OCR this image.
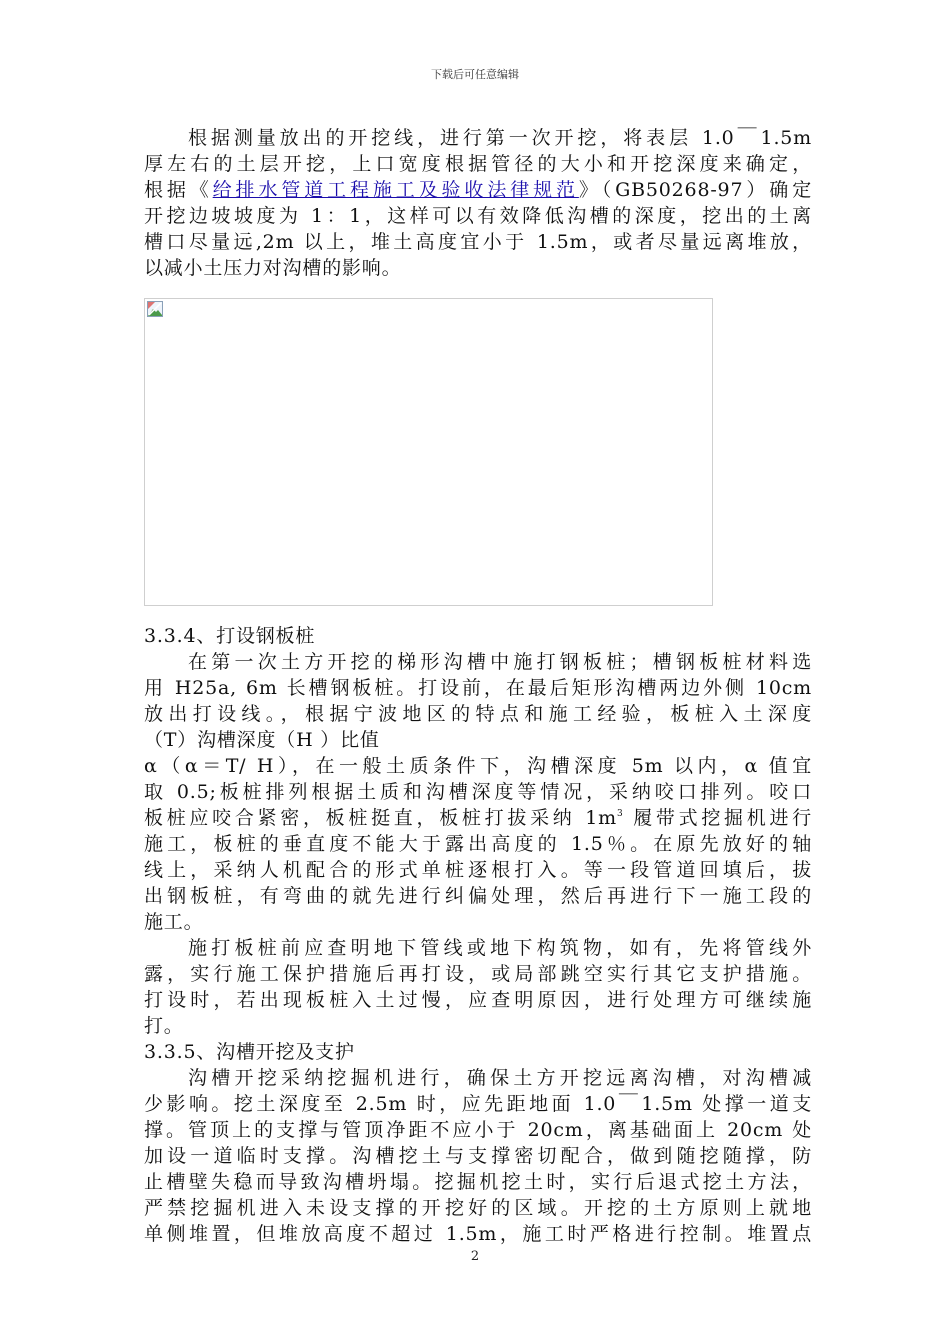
下载后可任意编辑
根据测量放出的开挖线，进行第一次开挖，将表层 1.0￣1.5m
厚左右的土层开挖，上口宽度根据管径的大小和开挖深度来确定，
根据《给排水管道工程施工及验收法律规范》（GB50268-97）确定
开挖边坡坡度为 1：1，这样可以有效降低沟槽的深度，挖出的土离
槽口尽量远,2m 以上，堆土高度宜小于 1.5m，或者尽量远离堆放，
以减小土压力对沟槽的影响。
3.3.4、打设钢板桩
在第一次土方开挖的梯形沟槽中施打钢板桩；槽钢板桩材料选
用 H25a, 6m 长槽钢板桩。打设前，在最后矩形沟槽两边外侧 10cm
放出打设线。，根据宁波地区的特点和施工经验，板桩入土深度
（T）沟槽深度（H ）比值
α（α＝T/ H），在一般土质条件下，沟槽深度 5m 以内，α 值宜
取 0.5;板桩排列根据土质和沟槽深度等情况，采纳咬口排列。咬口
板桩应咬合紧密，板桩挺直，板桩打拔采纳 $1m^3$ 履带式挖掘机进行
施工，板桩的垂直度不能大于露出高度的 1.5％。在原先放好的轴
线上，采纳人机配合的形式单桩逐根打入。等一段管道回填后，拔
出钢板桩，有弯曲的就先进行纠偏处理，然后再进行下一施工段的
施工。
施打板桩前应查明地下管线或地下构筑物，如有，先将管线外
露，实行施工保护措施后再打设，或局部跳空实行其它支护措施。
打设时，若出现板桩入土过慢，应查明原因，进行处理方可继续施
打。
3.3.5、沟槽开挖及支护
沟槽开挖采纳挖掘机进行，确保土方开挖远离沟槽，对沟槽减
少影响。挖土深度至 2.5m 时，应先距地面 1.0￣1.5m 处撑一道支
撑。管顶上的支撑与管顶净距不应小于 20cm，离基础面上 20cm 处
加设一道临时支撑。沟槽挖土与支撑密切配合，做到随挖随撑，防
止槽壁失稳而导致沟槽坍塌。挖掘机挖土时，实行后退式挖土方法，
严禁挖掘机进入未设支撑的开挖好的区域。开挖的土方原则上就地
单侧堆置，但堆放高度不超过 1.5m，施工时严格进行控制。堆置点
2
